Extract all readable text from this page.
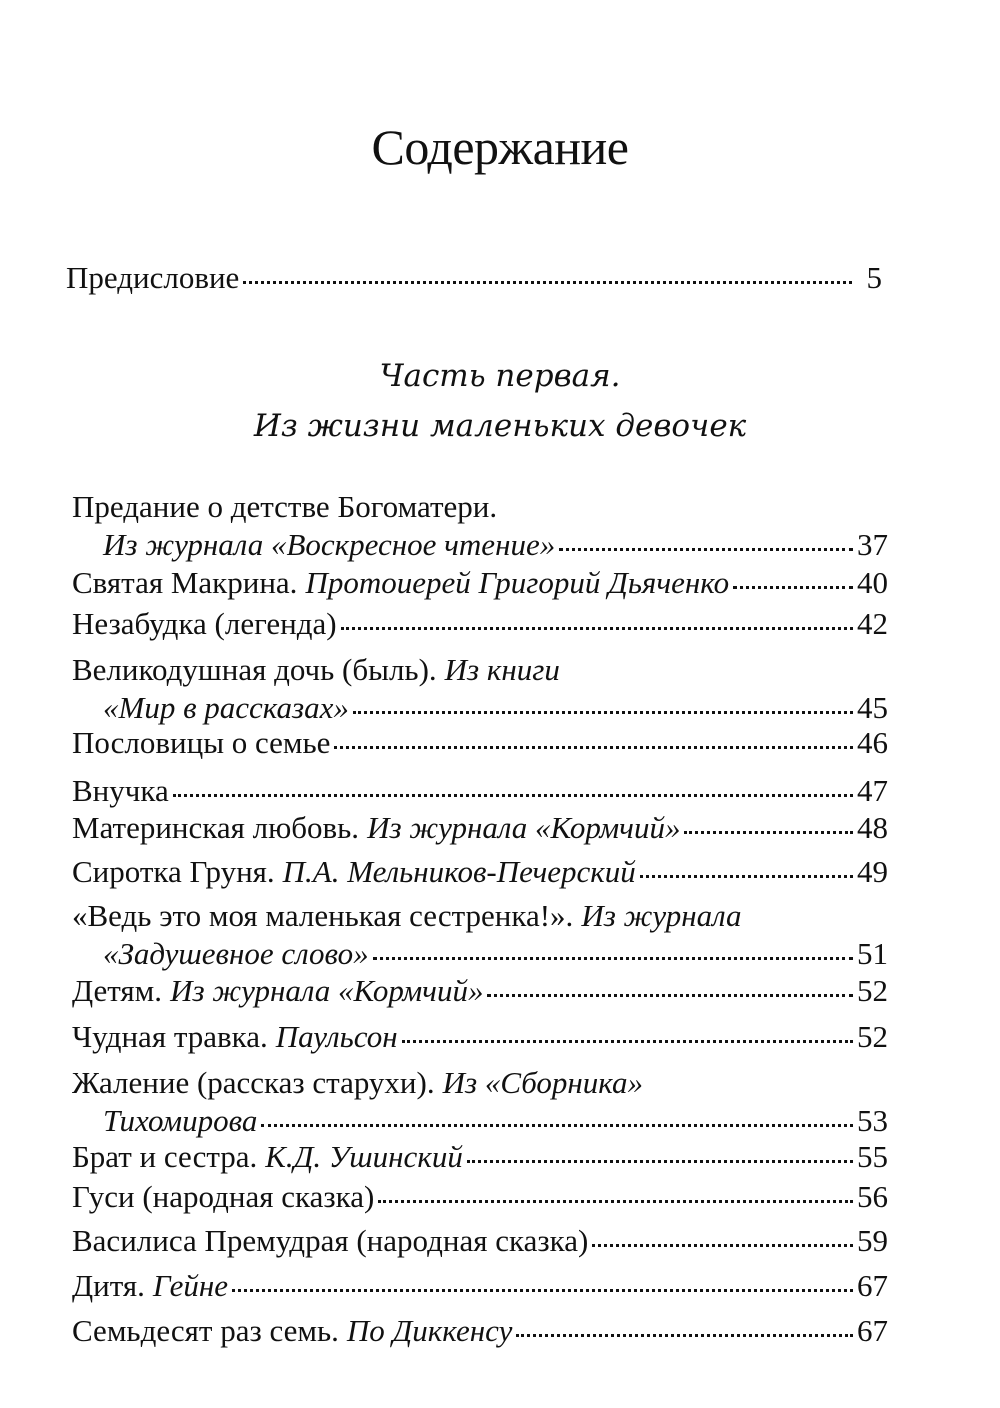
Содержание
Предисловие	5
Часть первая.
Из жизни маленьких девочек
Предание о детстве Богоматери.
Из журнала «Воскресное чтение»	37
Святая Макрина. Протоиерей Григорий Дьяченко	40
Незабудка (легенда)	42
Великодушная дочь (быль). Из книги
«Мир в рассказах»	45
Пословицы о семье	46
Внучка	47
Материнская любовь. Из журнала «Кормчий»	48
Сиротка Груня. П.А. Мельников-Печерский	49
«Ведь это моя маленькая сестренка!». Из журнала
«Задушевное слово»	51
Детям. Из журнала «Кормчий»	52
Чудная травка. Паульсон	52
Жаление (рассказ старухи). Из «Сборника»
Тихомирова	53
Брат и сестра. К.Д. Ушинский	55
Гуси (народная сказка)	56
Василиса Премудрая (народная сказка)	59
Дитя. Гейне	67
Семьдесят раз семь. По Диккенсу	67
